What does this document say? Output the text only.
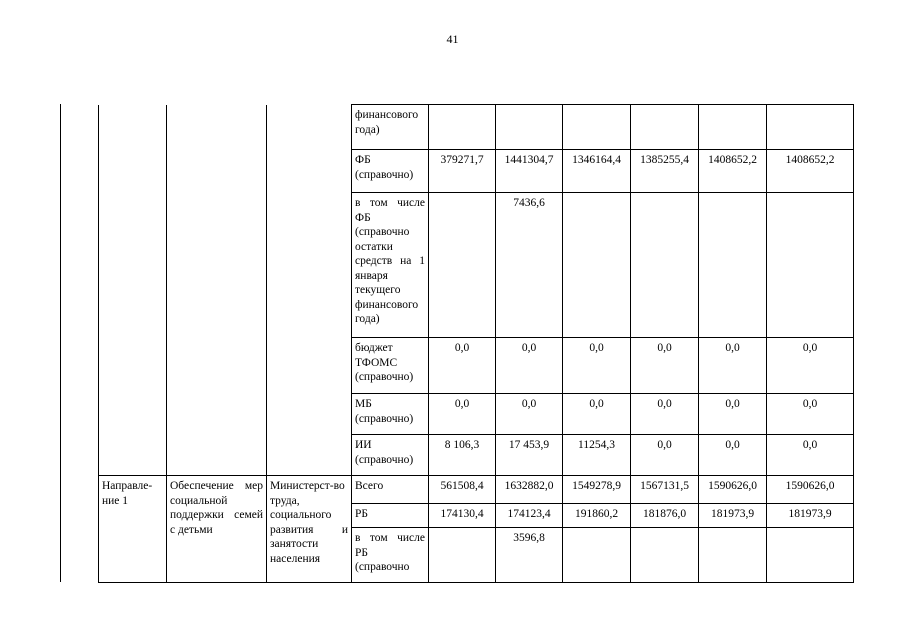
41
			финансового года)						
			ФБ (справочно)	379271,7	1441304,7	1346164,4	1385255,4	1408652,2	1408652,2
			в том числе ФБ (справочно остатки средств на 1 января текущего финансового года)		7436,6				
			бюджет ТФОМС (справочно)	0,0	0,0	0,0	0,0	0,0	0,0
			МБ (справочно)	0,0	0,0	0,0	0,0	0,0	0,0
			ИИ (справочно)	8 106,3	17 453,9	11254,3	0,0	0,0	0,0
Направле-ние 1	Обеспечение мер социальной поддержки семей с детьми	Министерст-во труда, социального развития и занятости населения	Всего	561508,4	1632882,0	1549278,9	1567131,5	1590626,0	1590626,0
			РБ	174130,4	174123,4	191860,2	181876,0	181973,9	181973,9
			в том числе РБ (справочно		3596,8				
